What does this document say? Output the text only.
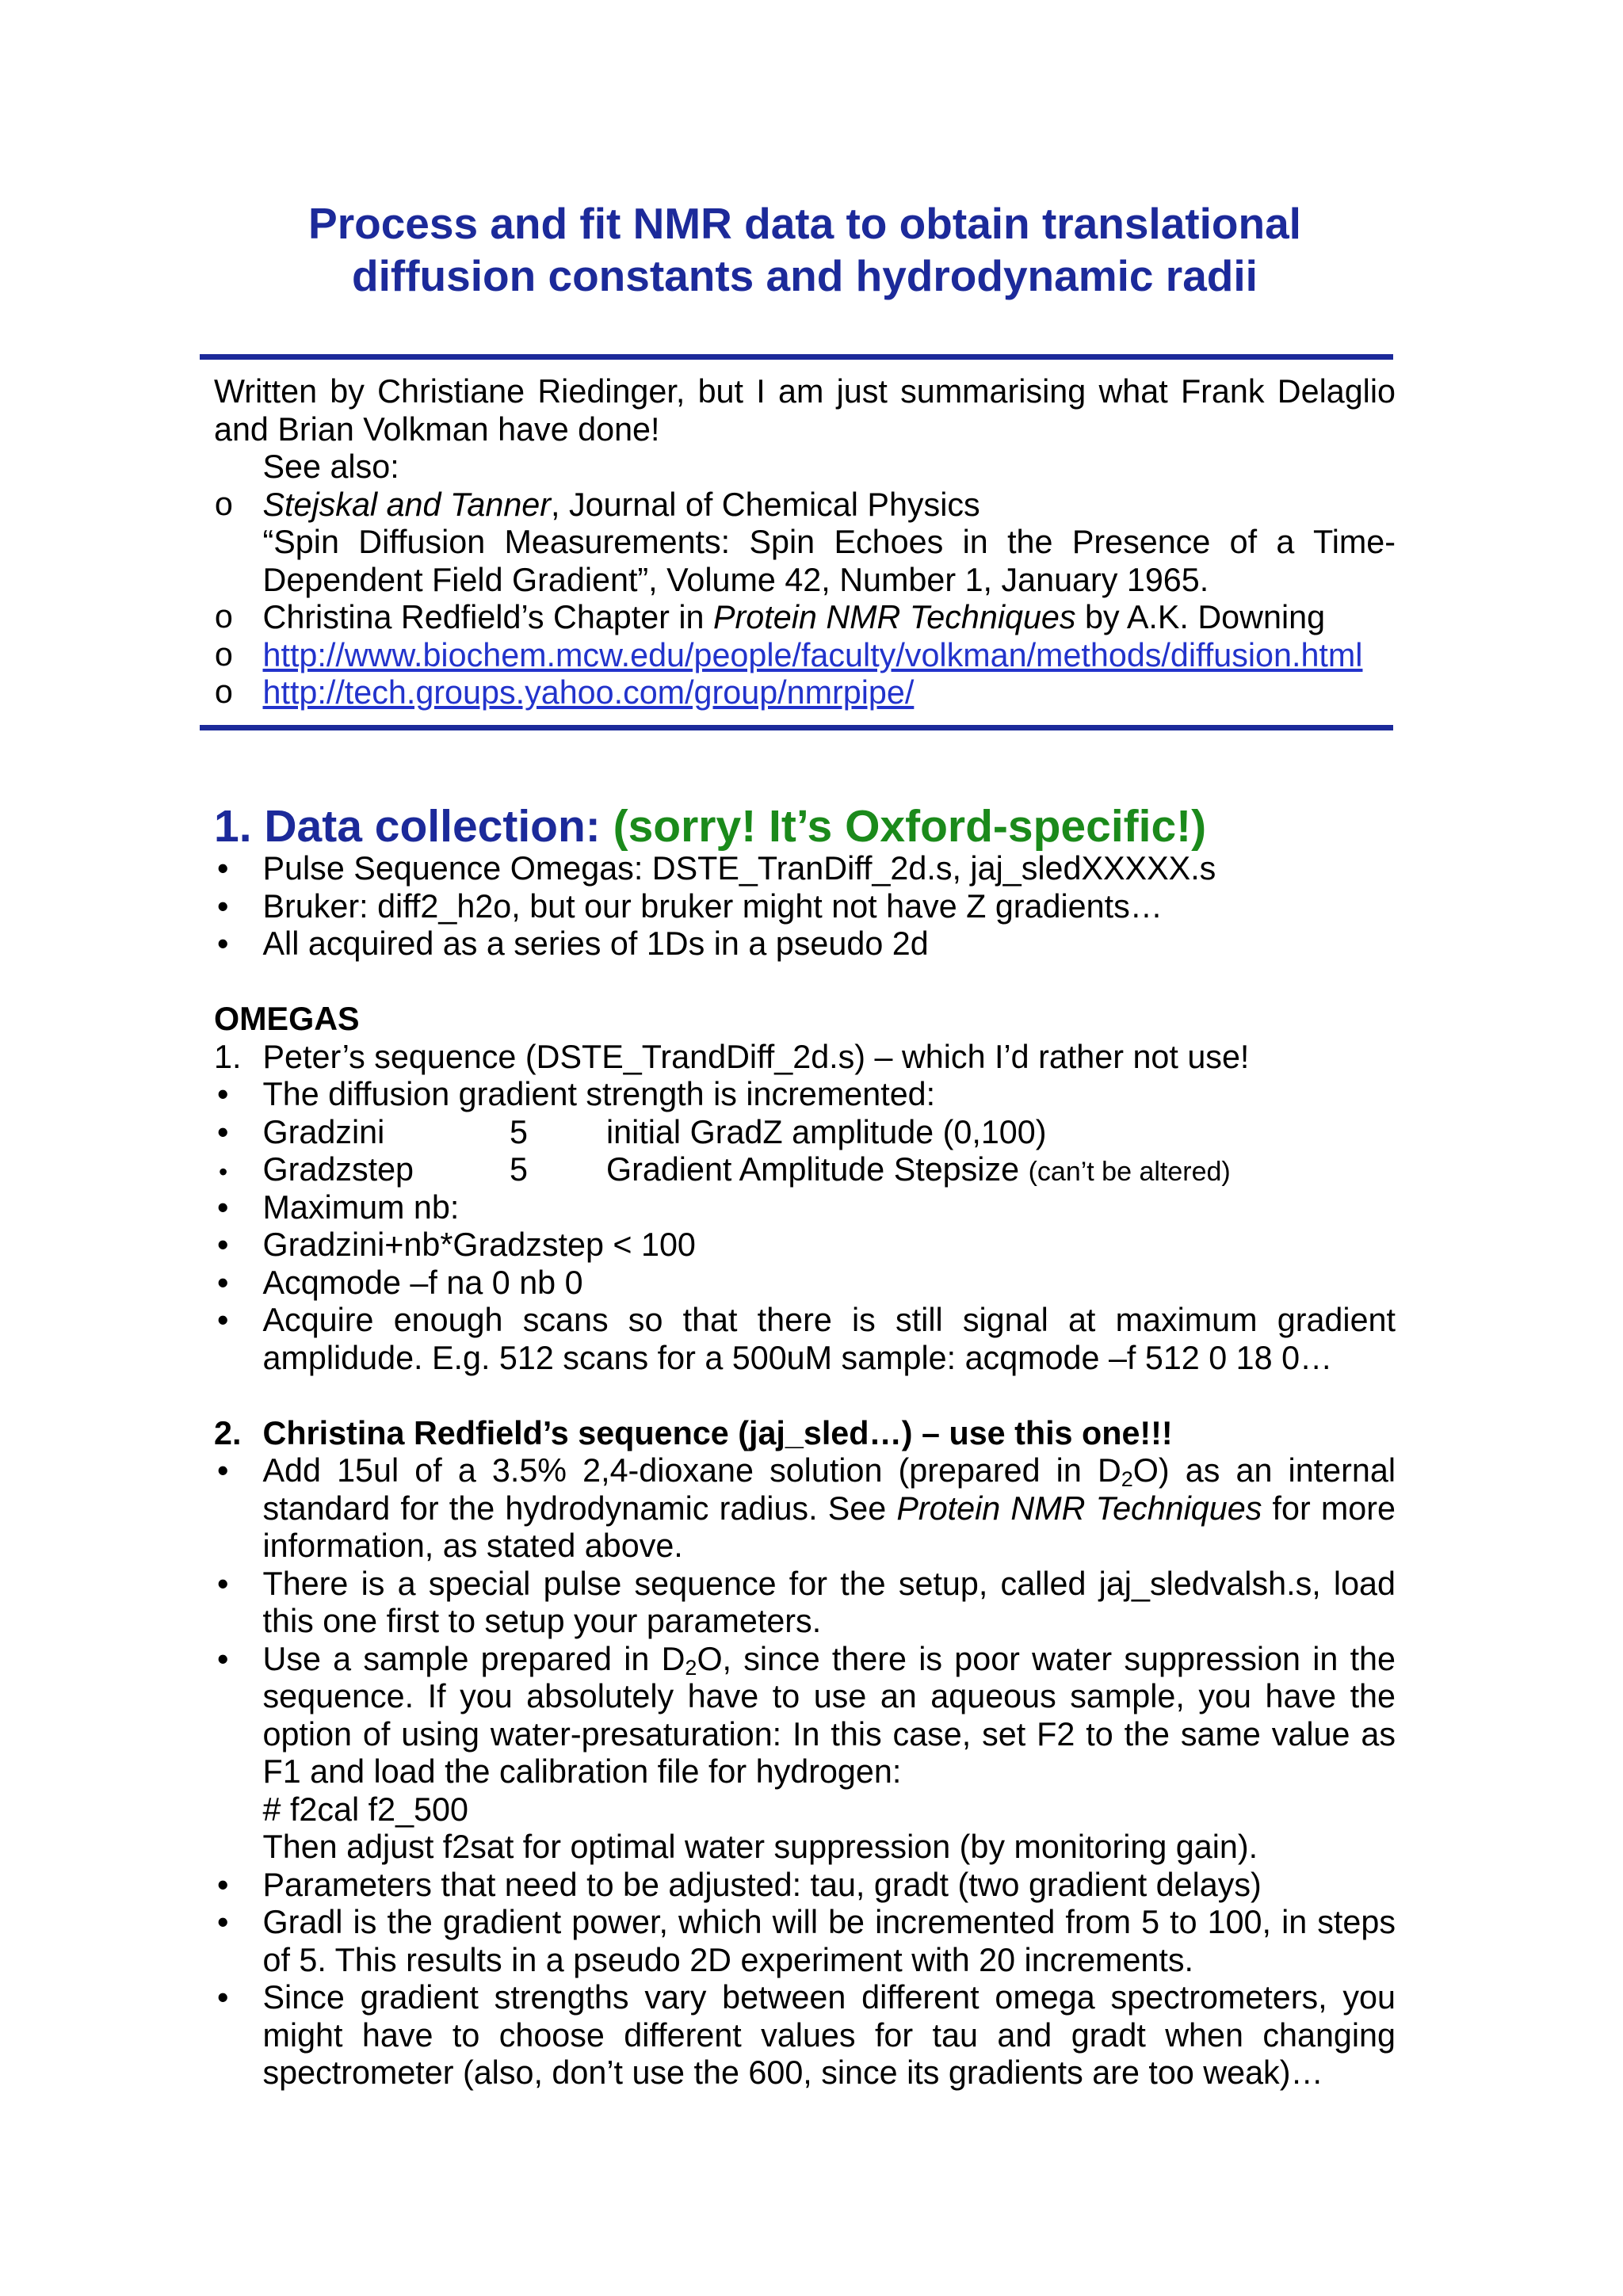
Process and fit NMR data to obtain translational
diffusion constants and hydrodynamic radii
Written by Christiane Riedinger, but I am just summarising what Frank Delaglio
and Brian Volkman have done!
See also:
o Stejskal and Tanner, Journal of Chemical Physics
“Spin Diffusion Measurements: Spin Echoes in the Presence of a Time-
Dependent Field Gradient”, Volume 42, Number 1, January 1965.
o Christina Redfield’s Chapter in Protein NMR Techniques by A.K. Downing
o http://www.biochem.mcw.edu/people/faculty/volkman/methods/diffusion.html
o http://tech.groups.yahoo.com/group/nmrpipe/
1. Data collection: (sorry! It’s Oxford-specific!)
• Pulse Sequence Omegas: DSTE_TranDiff_2d.s, jaj_sledXXXXX.s
• Bruker: diff2_h2o, but our bruker might not have Z gradients…
• All acquired as a series of 1Ds in a pseudo 2d
OMEGAS
1. Peter’s sequence (DSTE_TrandDiff_2d.s) – which I’d rather not use!
• The diffusion gradient strength is incremented:
• Gradzini	5 initial GradZ amplitude (0,100)
• Gradzstep	5 Gradient Amplitude Stepsize (can’t be altered)
• Maximum nb:
• Gradzini+nb*Gradzstep < 100
• Acqmode –f na 0 nb 0
• Acquire enough scans so that there is still signal at maximum gradient
amplidude. E.g. 512 scans for a 500uM sample: acqmode –f 512 0 18 0…
2. Christina Redfield’s sequence (jaj_sled…) – use this one!!!
• Add 15ul of a 3.5% 2,4-dioxane solution (prepared in $D_2O$) as an internal
standard for the hydrodynamic radius. See Protein NMR Techniques for more
information, as stated above.
• There is a special pulse sequence for the setup, called jaj_sledvalsh.s, load
this one first to setup your parameters.
• Use a sample prepared in $D_2O$, since there is poor water suppression in the
sequence. If you absolutely have to use an aqueous sample, you have the
option of using water-presaturation: In this case, set F2 to the same value as
F1 and load the calibration file for hydrogen:
# f2cal f2_500
Then adjust f2sat for optimal water suppression (by monitoring gain).
• Parameters that need to be adjusted: tau, gradt (two gradient delays)
• Gradl is the gradient power, which will be incremented from 5 to 100, in steps
of 5. This results in a pseudo 2D experiment with 20 increments.
• Since gradient strengths vary between different omega spectrometers, you
might have to choose different values for tau and gradt when changing
spectrometer (also, don’t use the 600, since its gradients are too weak)…
